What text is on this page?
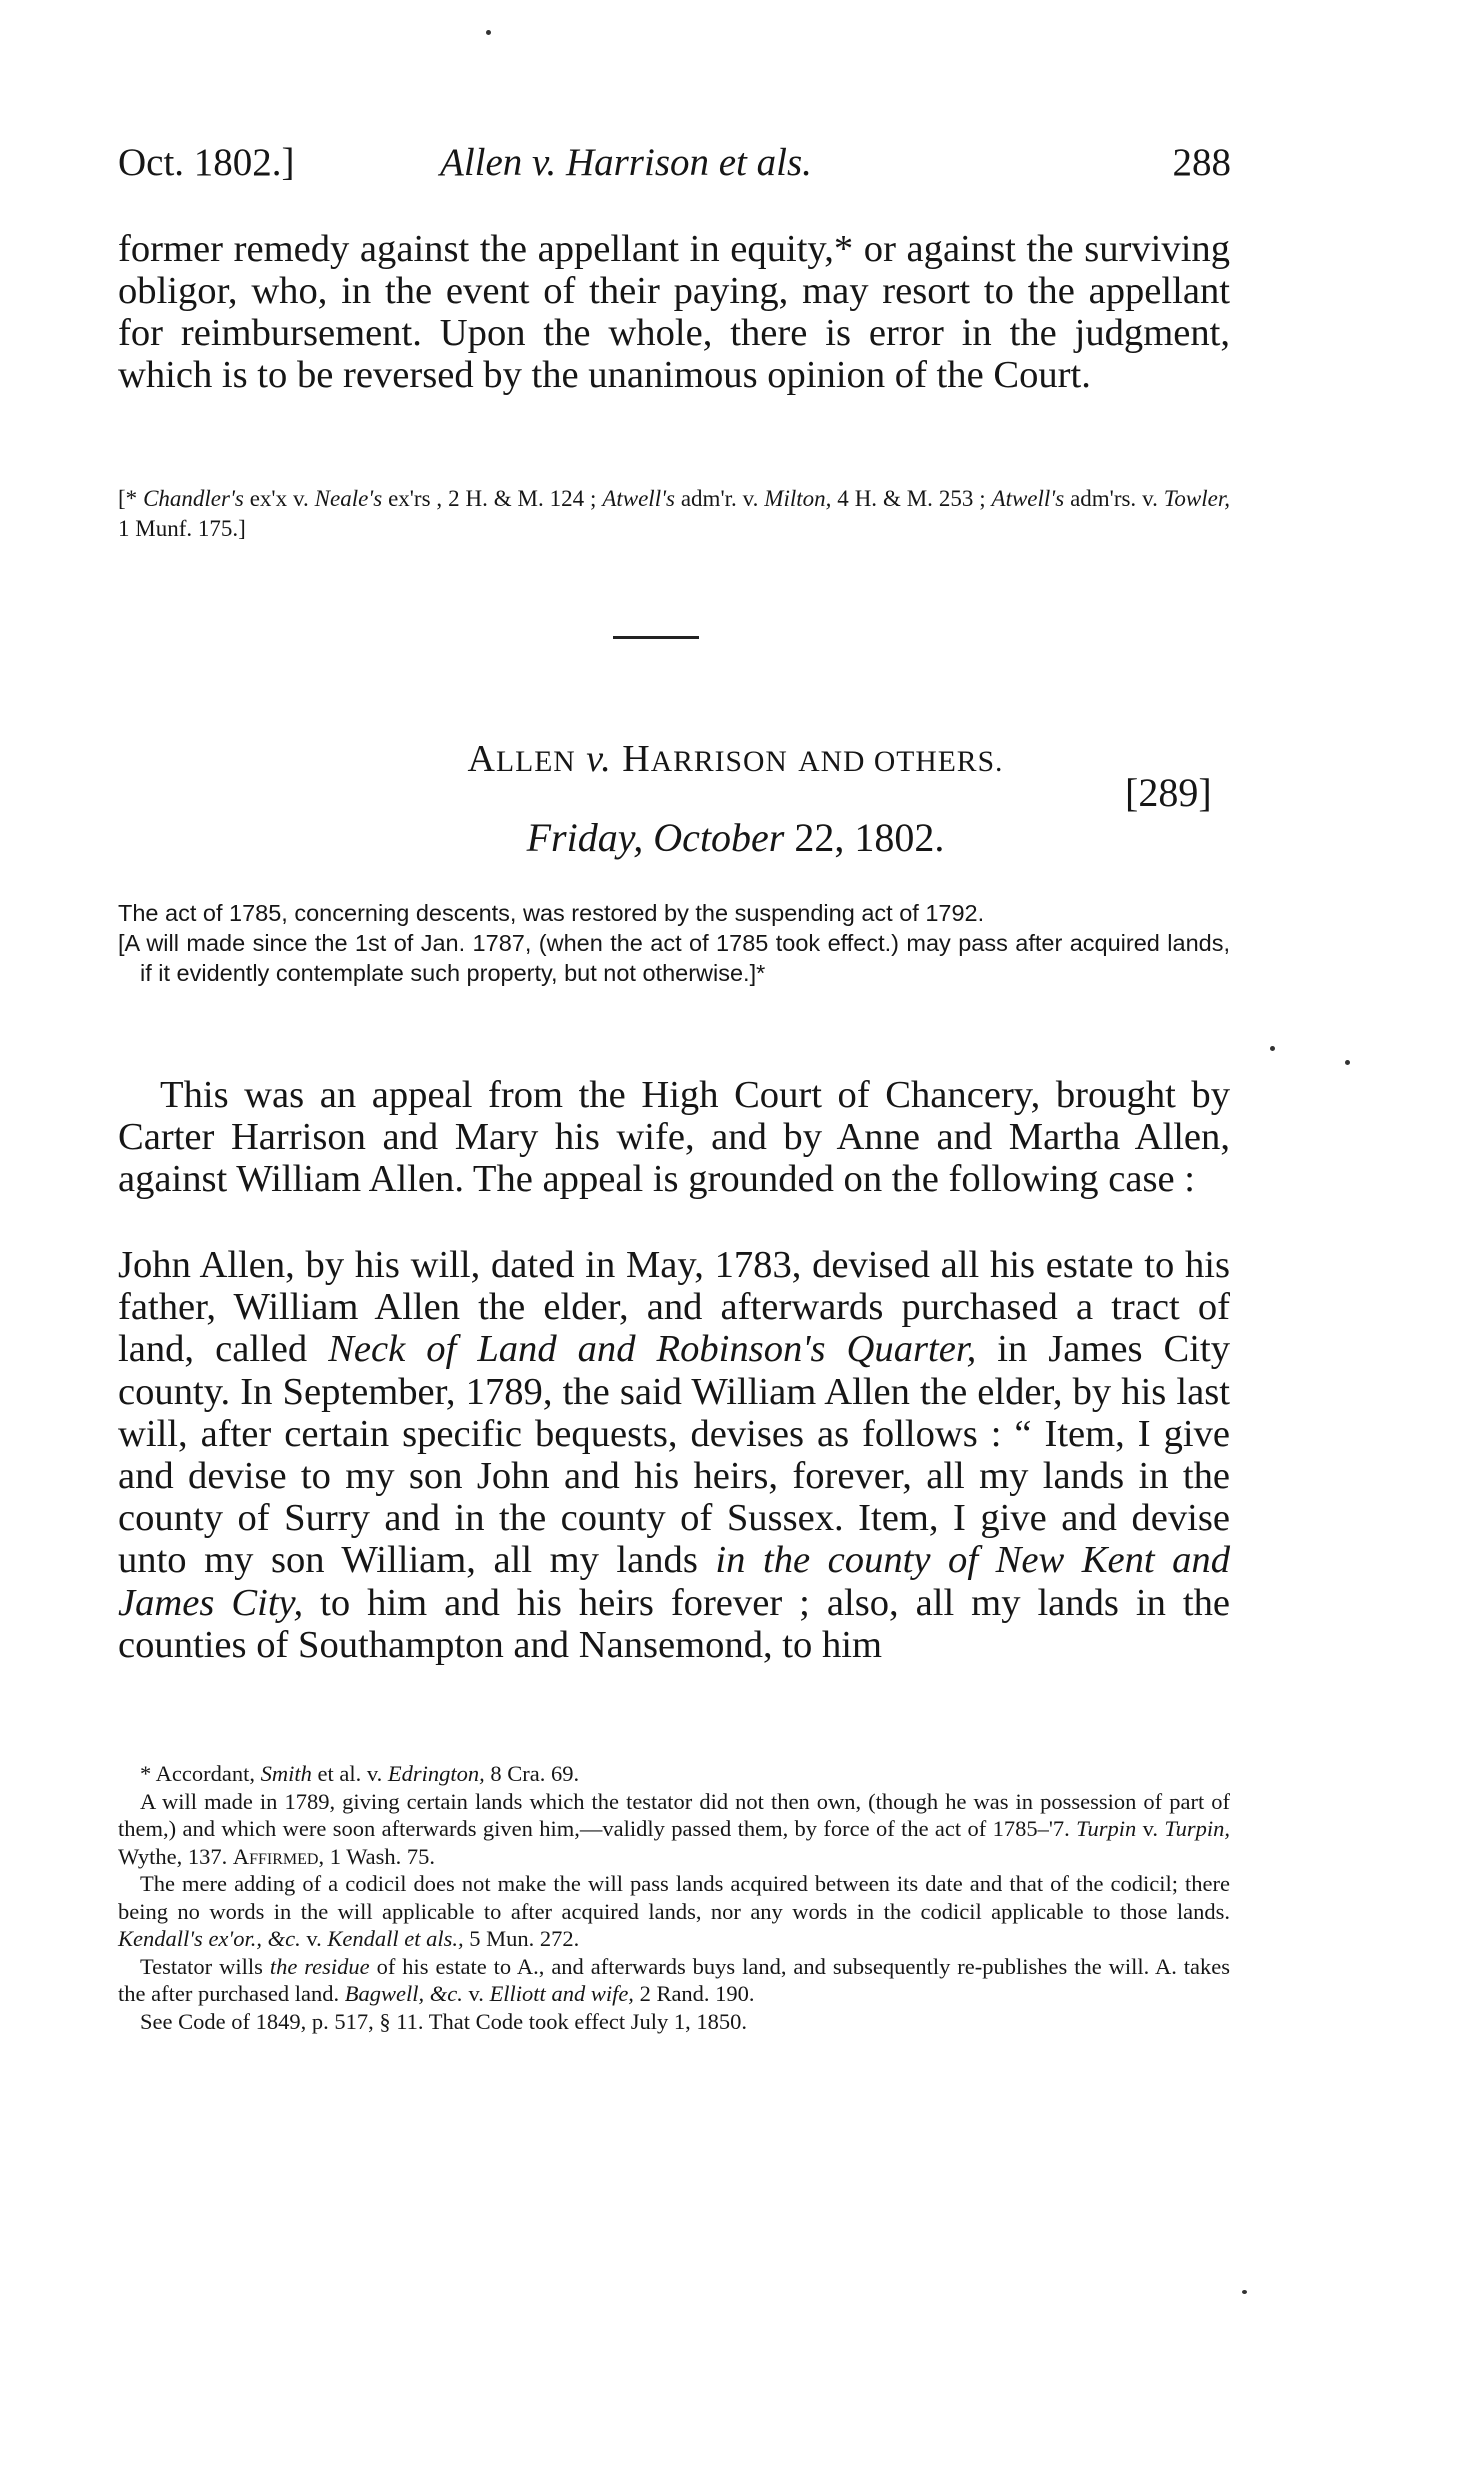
Oct. 1802.]	Allen v. Harrison et als.	288
former remedy against the appellant in equity,* or against the surviving obligor, who, in the event of their paying, may resort to the appellant for reimbursement. Upon the whole, there is error in the judgment, which is to be reversed by the unanimous opinion of the Court.
[* Chandler's ex'x v. Neale's ex'rs , 2 H. & M. 124 ; Atwell's adm'r. v. Milton, 4 H. & M. 253 ; Atwell's adm'rs. v. Towler, 1 Munf. 175.]
ALLEN v. HARRISON AND OTHERS.
[289]
Friday, October 22, 1802.

The act of 1785, concerning descents, was restored by the suspending act of 1792.

[A will made since the 1st of Jan. 1787, (when the act of 1785 took effect.) may pass after acquired lands, if it evidently contemplate such property, but not otherwise.]*

This was an appeal from the High Court of Chancery, brought by Carter Harrison and Mary his wife, and by Anne and Martha Allen, against William Allen. The appeal is grounded on the following case :
John Allen, by his will, dated in May, 1783, devised all his estate to his father, William Allen the elder, and afterwards purchased a tract of land, called Neck of Land and Robinson's Quarter, in James City county. In September, 1789, the said William Allen the elder, by his last will, after certain specific bequests, devises as follows : “ Item, I give and devise to my son John and his heirs, forever, all my lands in the county of Surry and in the county of Sussex. Item, I give and devise unto my son William, all my lands in the county of New Kent and James City, to him and his heirs forever ; also, all my lands in the counties of Southampton and Nansemond, to him

* Accordant, Smith et al. v. Edrington, 8 Cra. 69.

A will made in 1789, giving certain lands which the testator did not then own, (though he was in possession of part of them,) and which were soon afterwards given him,—validly passed them, by force of the act of 1785–'7. Turpin v. Turpin, Wythe, 137. Affirmed, 1 Wash. 75.

The mere adding of a codicil does not make the will pass lands acquired between its date and that of the codicil; there being no words in the will applicable to after acquired lands, nor any words in the codicil applicable to those lands. Kendall's ex'or., &c. v. Kendall et als., 5 Mun. 272.

Testator wills the residue of his estate to A., and afterwards buys land, and subsequently re-publishes the will. A. takes the after purchased land. Bagwell, &c. v. Elliott and wife, 2 Rand. 190.

See Code of 1849, p. 517, § 11. That Code took effect July 1, 1850.
